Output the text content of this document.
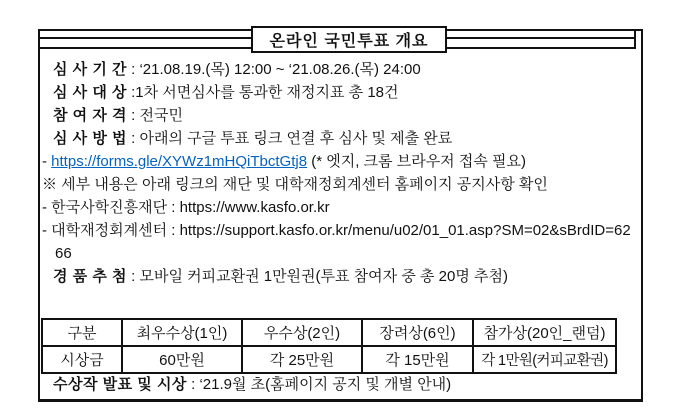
온라인 국민투표 개요
심 사 기 간 : ‘21.08.19.(목) 12:00 ~ ‘21.08.26.(목) 24:00
심 사 대 상 :1차 서면심사를 통과한 재정지표 총 18건
참 여 자 격 : 전국민
심 사 방 법 : 아래의 구글 투표 링크 연결 후 심사 및 제출 완료
- https://forms.gle/XYWz1mHQiTbctGtj8 (* 엣지, 크롬 브라우저 접속 필요)
※ 세부 내용은 아래 링크의 재단 및 대학재정회계센터 홈페이지 공지사항 확인
- 한국사학진흥재단 : https://www.kasfo.or.kr
- 대학재정회계센터 : https://support.kasfo.or.kr/menu/u02/01_01.asp?SM=02&sBrdID=62
66
경 품 추 첨 : 모바일 커피교환권 1만원권(투표 참여자 중 총 20명 추첨)
구분	최우수상(1인)	우수상(2인)	장려상(6인)	참가상(20인_랜덤)
시상금	60만원	각 25만원	각 15만원	각 1만원(커피교환권)
수상작 발표 및 시상 : ‘21.9월 초(홈페이지 공지 및 개별 안내)
